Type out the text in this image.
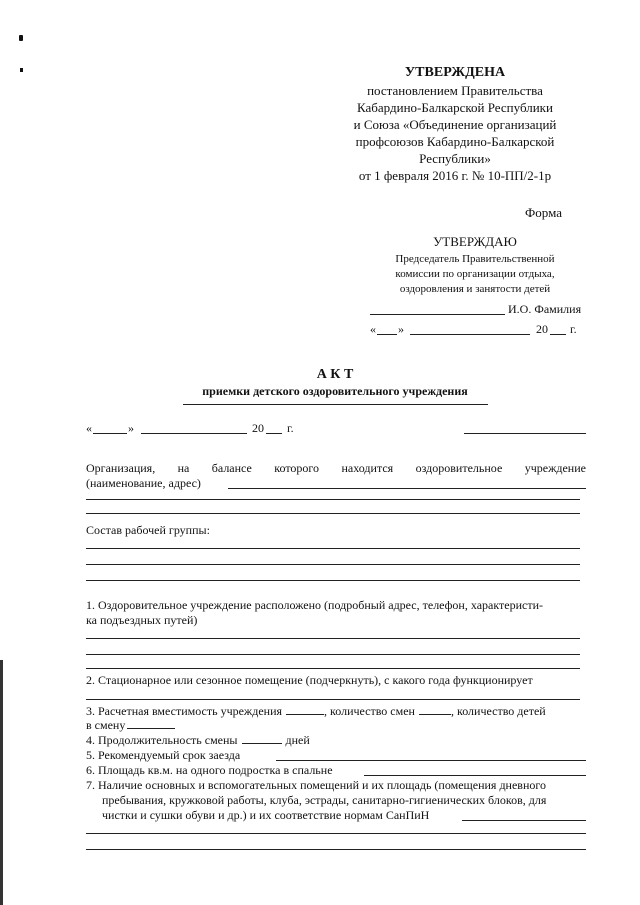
УТВЕРЖДЕНА
постановлением Правительства
Кабардино-Балкарской Республики
и Союза «Объединение организаций
профсоюзов Кабардино-Балкарской
Республики»
от 1 февраля 2016 г. № 10-ПП/2-1р
Форма
УТВЕРЖДАЮ
Председатель Правительственной
комиссии по организации отдыха,
оздоровления и занятости детей
И.О. Фамилия
« »	20 г.
А К Т
приемки детского оздоровительного учреждения
«	»	20 г.
Организация, на балансе которого находится оздоровительное учреждение
(наименование, адрес)
Состав рабочей группы:
1. Оздоровительное учреждение расположено (подробный адрес, телефон, характеристи-
ка подъездных путей)
2. Стационарное или сезонное помещение (подчеркнуть), с какого года функционирует
3. Расчетная вместимость учреждения	, количество смен	, количество детей
в смену
4. Продолжительность смены	дней
5. Рекомендуемый срок заезда
6. Площадь кв.м. на одного подростка в спальне
7. Наличие основных и вспомогательных помещений и их площадь (помещения дневного
пребывания, кружковой работы, клуба, эстрады, санитарно-гигиенических блоков, для
чистки и сушки обуви и др.) и их соответствие нормам СанПиН
